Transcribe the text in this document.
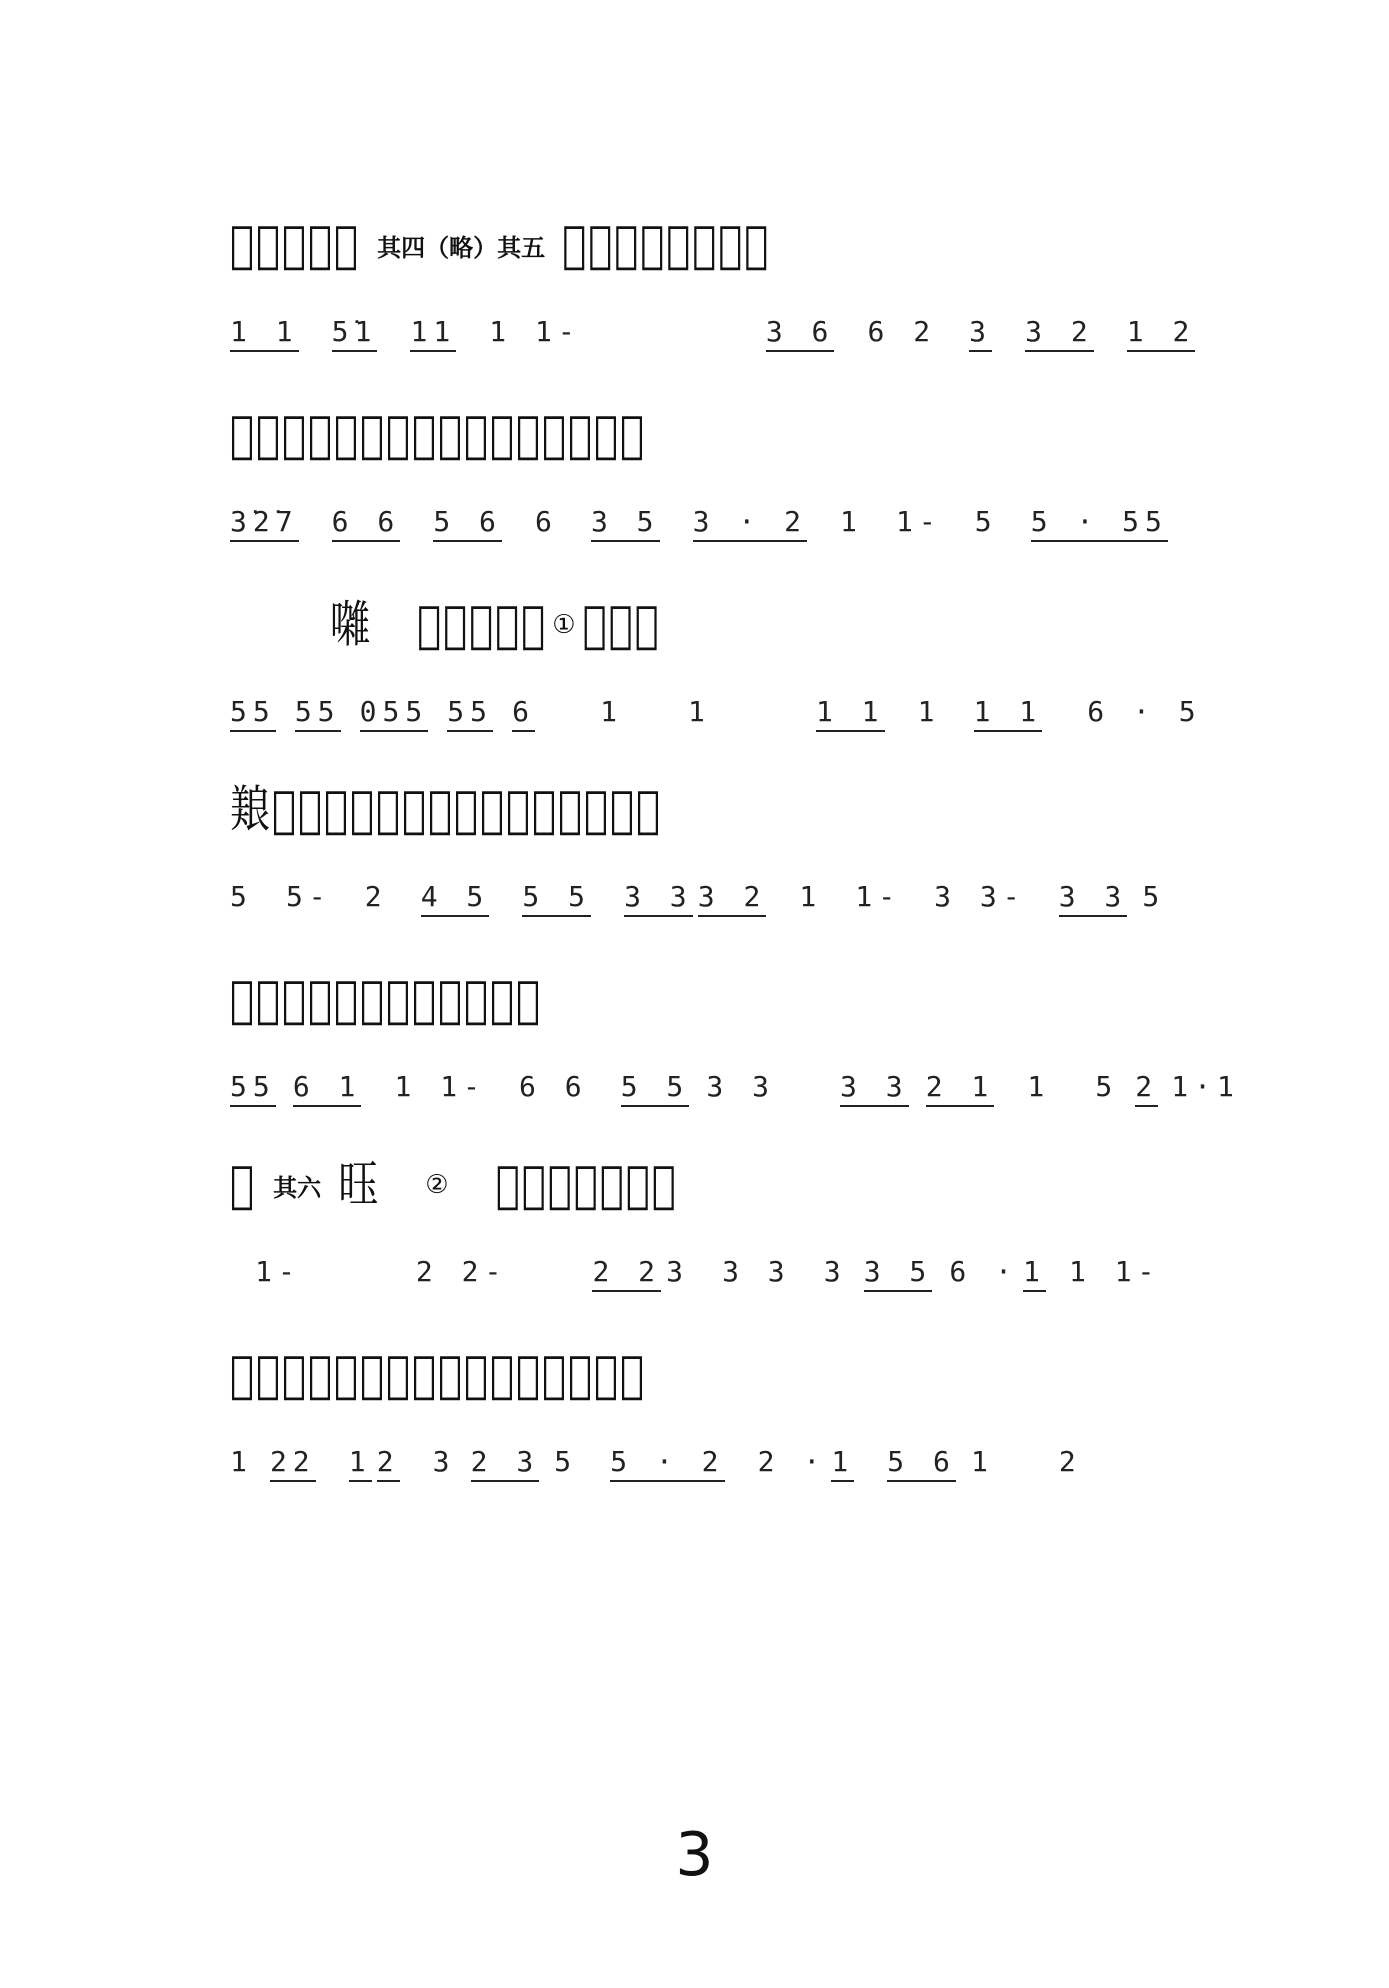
𫝀𫝁𫝂𫝃𫝄 其四（略）其五 𫝅𫝆𫝇𫝈𫝉𫝊𫝋𫝌
1 1 5̇1 11 1 1-	3 6 6 2 3 3 2 1 2
𫝍𫝎𫝏𫝐𫝑𫝒五𫝓𫝔𫝕𫝖𫝗𫝘𫝙𫝚𫝛
3̇2̇7 6 6 5 6 6 3 5 3 · 2 1 1- 5 5 · 55
𫝜 𫝝𫝞𫝟𫝠𫝡 ① 𫝢𫝣𫝤
55 55 055 55 6 1 1	1 1 1 1 1 6 · 5
𫝥𫝦𫝧𫝨𫝩𫝪𫝫𫝬𫝭𫝮𫝯𫝰𫝱𫝲𫝳𫝴
5 5- 2 4 5 5 5 3 3 3 2 1 1- 3 3- 3 3 5
𫝵𫝶𫝷𫝸𫝹𫝺𫝻𫝼𫝽𫝾𫝿𫞀
55 6 1 1 1- 6 6 5 5 3 3 3 3 2 1 1 5 2 1·1
𫞁 其六 𫞂 ② 𫞃𫞄𫞅𫞆𫞇𫞈𫞉
1-	2 2-	2 2 3 3 3 3 3 5 6 · 1 1 1-
𫞊𫞋𫞌𫞍𫞎𫞏𫞐𫞑𫞒𫞓𫞔𫞕𫞖𫞗𫞘𫞙
1 22 1 2 3 2 3 5 5 · 2 2 · 1 5 6 1 2
3
